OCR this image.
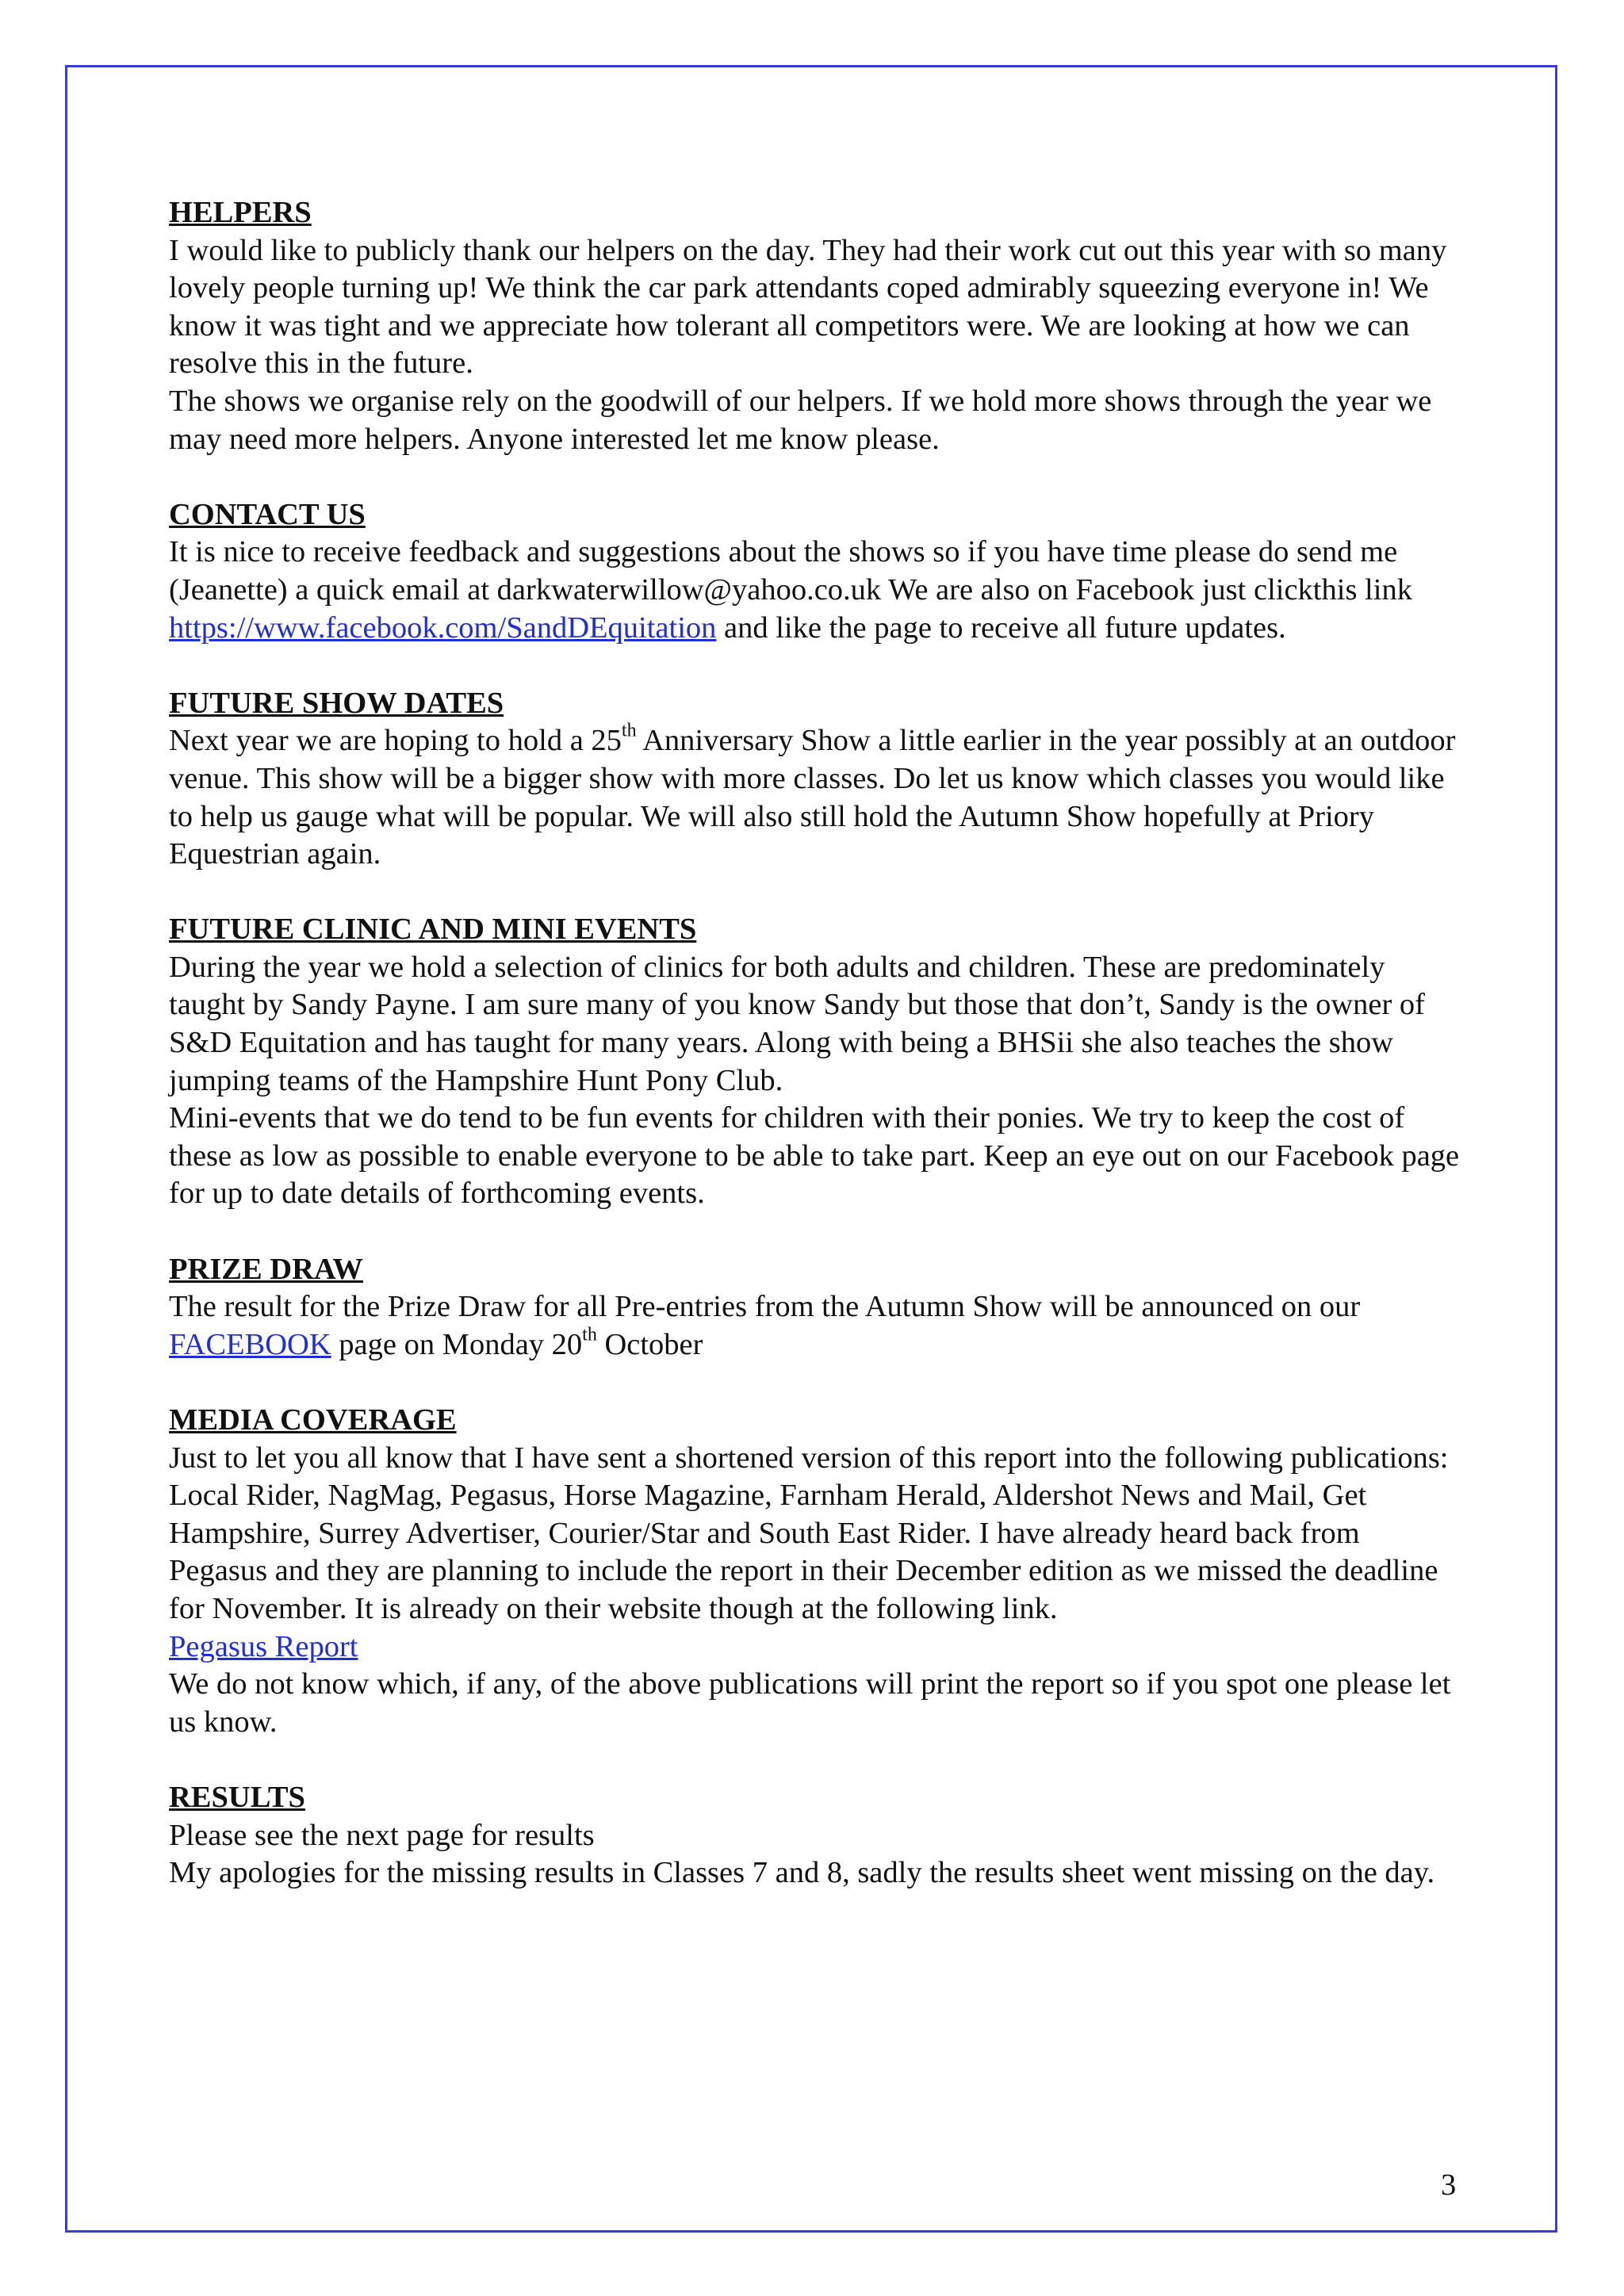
HELPERS
I would like to publicly thank our helpers on the day. They had their work cut out this year with so many lovely people turning up! We think the car park attendants coped admirably squeezing everyone in! We know it was tight and we appreciate how tolerant all competitors were. We are looking at how we can resolve this in the future.
The shows we organise rely on the goodwill of our helpers. If we hold more shows through the year we may need more helpers. Anyone interested let me know please.
CONTACT US
It is nice to receive feedback and suggestions about the shows so if you have time please do send me (Jeanette) a quick email at darkwaterwillow@yahoo.co.uk We are also on Facebook just clickthis link https://www.facebook.com/SandDEquitation and like the page to receive all future updates.
FUTURE SHOW DATES
Next year we are hoping to hold a 25th Anniversary Show a little earlier in the year possibly at an outdoor venue. This show will be a bigger show with more classes. Do let us know which classes you would like to help us gauge what will be popular. We will also still hold the Autumn Show hopefully at Priory Equestrian again.
FUTURE CLINIC AND MINI EVENTS
During the year we hold a selection of clinics for both adults and children. These are predominately taught by Sandy Payne. I am sure many of you know Sandy but those that don’t, Sandy is the owner of S&D Equitation and has taught for many years. Along with being a BHSii she also teaches the show jumping teams of the Hampshire Hunt Pony Club.
Mini-events that we do tend to be fun events for children with their ponies. We try to keep the cost of these as low as possible to enable everyone to be able to take part. Keep an eye out on our Facebook page for up to date details of forthcoming events.
PRIZE DRAW
The result for the Prize Draw for all Pre-entries from the Autumn Show will be announced on our FACEBOOK page on Monday 20th October
MEDIA COVERAGE
Just to let you all know that I have sent a shortened version of this report into the following publications: Local Rider, NagMag, Pegasus, Horse Magazine, Farnham Herald, Aldershot News and Mail, Get Hampshire, Surrey Advertiser, Courier/Star and South East Rider. I have already heard back from Pegasus and they are planning to include the report in their December edition as we missed the deadline for November. It is already on their website though at the following link.
Pegasus Report
We do not know which, if any, of the above publications will print the report so if you spot one please let us know.
RESULTS
Please see the next page for results
My apologies for the missing results in Classes 7 and 8, sadly the results sheet went missing on the day.
3
